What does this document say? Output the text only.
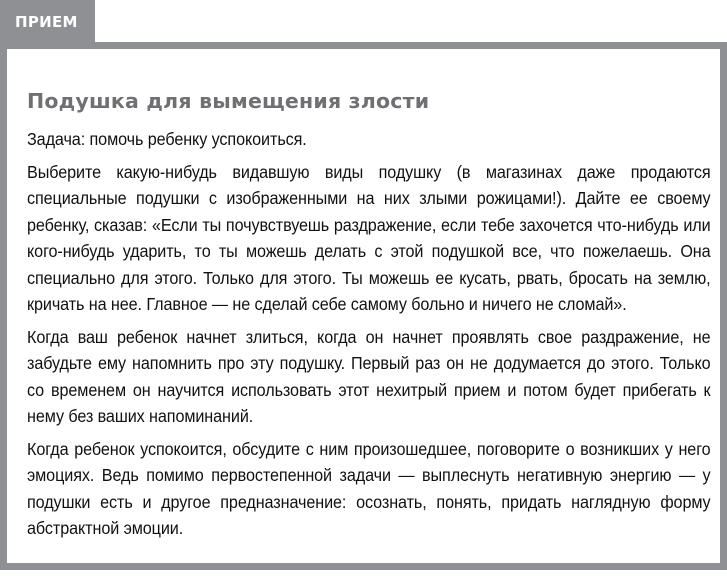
ПРИЕМ
Подушка для вымещения злости

Задача: помочь ребенку успокоиться.

Выберите какую-нибудь видавшую виды подушку (в магазинах даже продаются специальные подушки с изображенными на них злыми рожицами!). Дайте ее своему ребенку, сказав: «Если ты почувствуешь раздражение, если тебе захочется что-нибудь или кого-нибудь ударить, то ты можешь делать с этой подушкой все, что пожелаешь. Она специально для этого. Только для этого. Ты можешь ее кусать, рвать, бросать на землю, кричать на нее. Главное — не сделай себе самому больно и ничего не сломай».

Когда ваш ребенок начнет злиться, когда он начнет проявлять свое раздражение, не забудьте ему напомнить про эту подушку. Первый раз он не додумается до этого. Только со временем он научится использовать этот нехитрый прием и потом будет прибегать к нему без ваших напоминаний.

Когда ребенок успокоится, обсудите с ним произошедшее, поговорите о возникших у него эмоциях. Ведь помимо первостепенной задачи — выплеснуть негативную энергию — у подушки есть и другое предназначение: осознать, понять, придать наглядную форму абстрактной эмоции.
